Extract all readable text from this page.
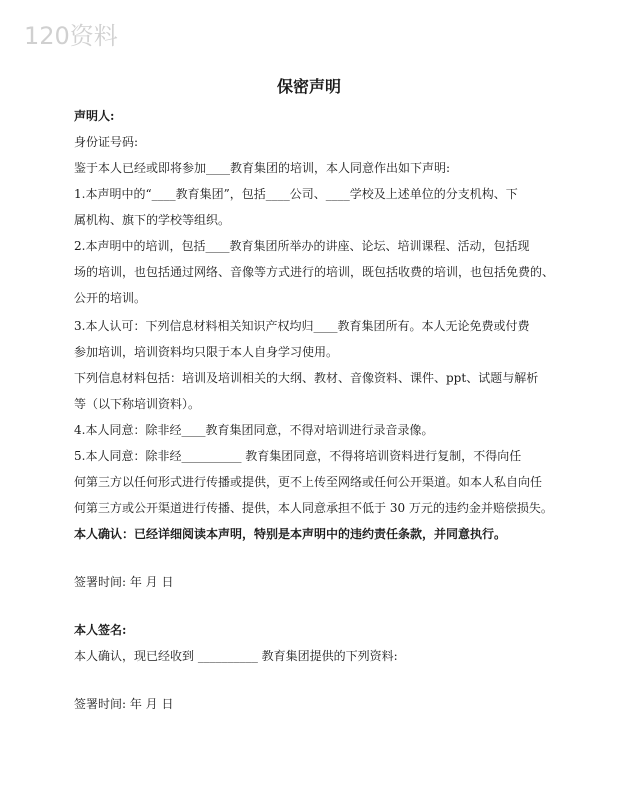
120资料
保密声明
声明人:
身份证号码:
鉴于本人已经或即将参加____教育集团的培训，本人同意作出如下声明:
1.本声明中的“____教育集团”，包括____公司、____学校及上述单位的分支机构、下
属机构、旗下的学校等组织。
2.本声明中的培训，包括____教育集团所举办的讲座、论坛、培训课程、活动，包括现
场的培训，也包括通过网络、音像等方式进行的培训，既包括收费的培训，也包括免费的、
公开的培训。
3.本人认可：下列信息材料相关知识产权均归____教育集团所有。本人无论免费或付费
参加培训，培训资料均只限于本人自身学习使用。
下列信息材料包括：培训及培训相关的大纲、教材、音像资料、课件、ppt、试题与解析
等（以下称培训资料）。
4.本人同意：除非经____教育集团同意，不得对培训进行录音录像。
5.本人同意：除非经__________ 教育集团同意，不得将培训资料进行复制，不得向任
何第三方以任何形式进行传播或提供，更不上传至网络或任何公开渠道。如本人私自向任
何第三方或公开渠道进行传播、提供，本人同意承担不低于 30 万元的违约金并赔偿损失。
本人确认：已经详细阅读本声明，特别是本声明中的违约责任条款，并同意执行。
签署时间: 年 月 日
本人签名:
本人确认，现已经收到 __________ 教育集团提供的下列资料:
签署时间: 年 月 日
